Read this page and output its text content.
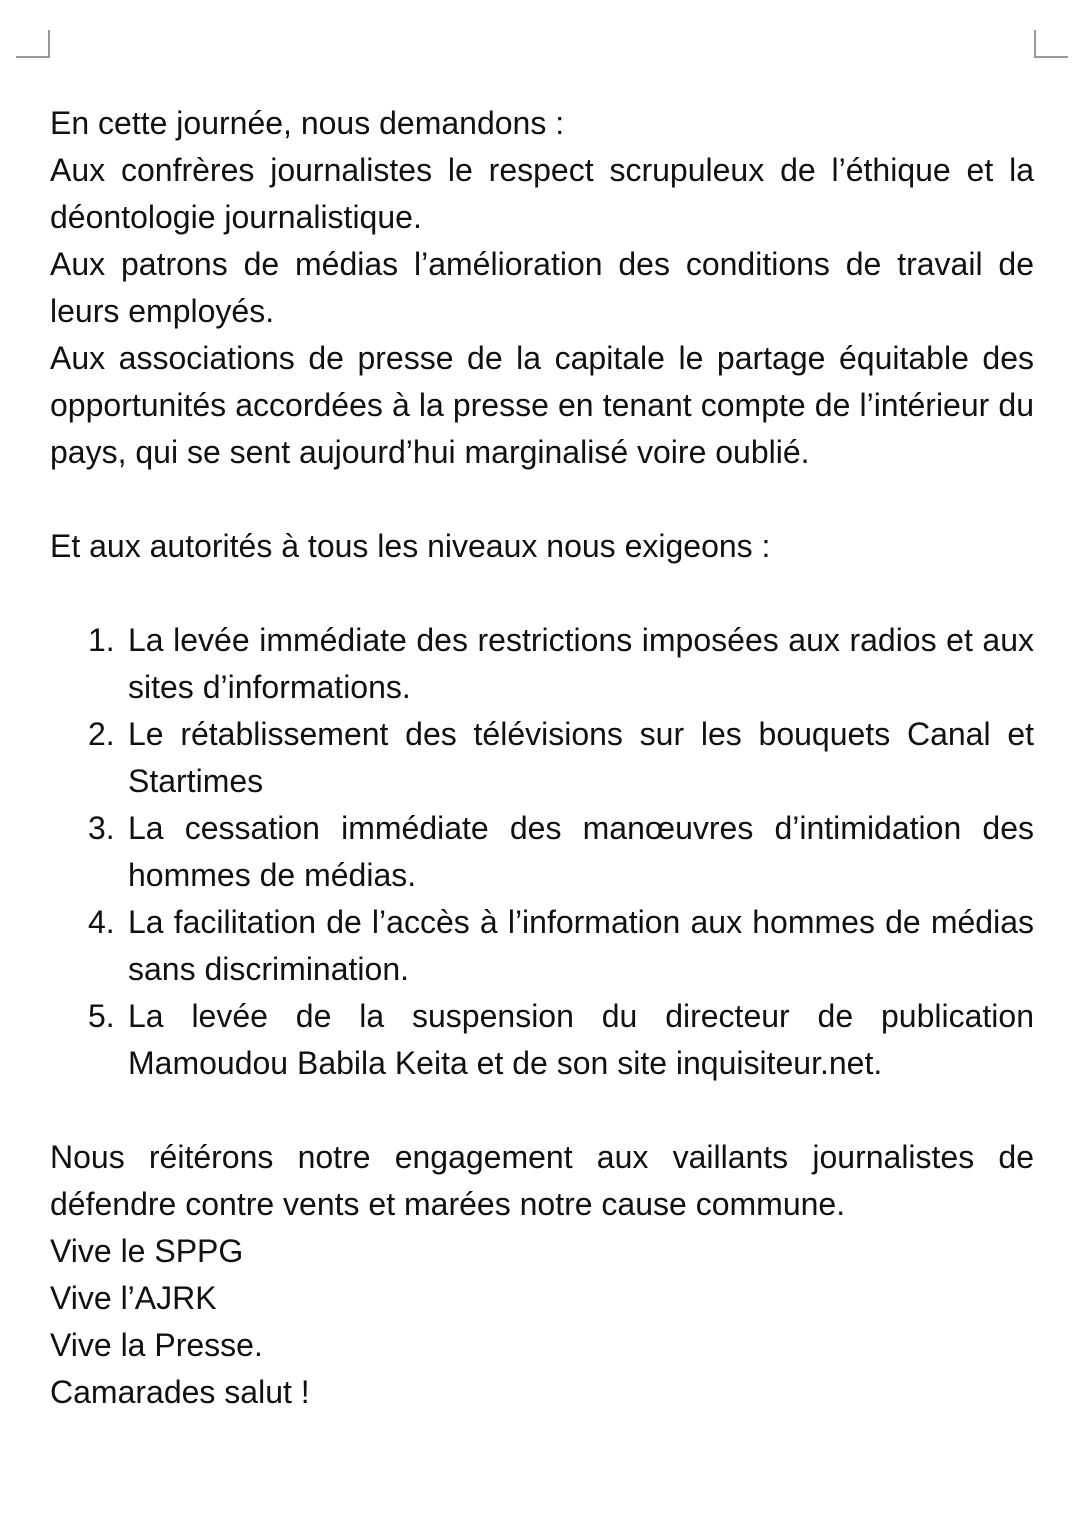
En cette journée, nous demandons :

Aux confrères journalistes le respect scrupuleux de l’éthique et la déontologie journalistique.

Aux patrons de médias l’amélioration des conditions de travail de leurs employés.

Aux associations de presse de la capitale le partage équitable des opportunités accordées à la presse en tenant compte de l’intérieur du pays, qui se sent aujourd’hui marginalisé voire oublié.

Et aux autorités à tous les niveaux nous exigeons :

1. La levée immédiate des restrictions imposées aux radios et aux sites d’informations.
2. Le rétablissement des télévisions sur les bouquets Canal et Startimes
3. La cessation immédiate des manœuvres d’intimidation des hommes de médias.
4. La facilitation de l’accès à l’information aux hommes de médias sans discrimination.
5. La levée de la suspension du directeur de publication Mamoudou Babila Keita et de son site inquisiteur.net.

Nous réitérons notre engagement aux vaillants journalistes de défendre contre vents et marées notre cause commune.

Vive le SPPG

Vive l’AJRK

Vive la Presse.

Camarades salut !
